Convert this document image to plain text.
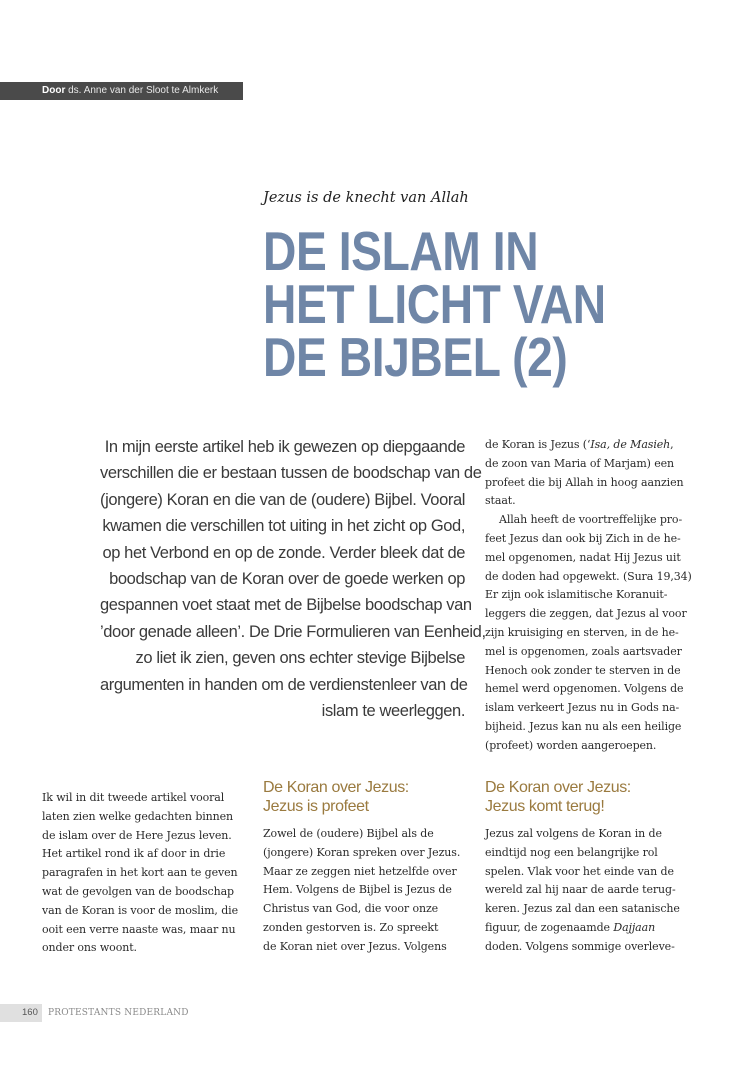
Door ds. Anne van der Sloot te Almkerk
Jezus is de knecht van Allah
DE ISLAM IN
HET LICHT VAN
DE BIJBEL (2)
In mijn eerste artikel heb ik gewezen op diepgaande
verschillen die er bestaan tussen de boodschap van de
(jongere) Koran en die van de (oudere) Bijbel. Vooral
kwamen die verschillen tot uiting in het zicht op God,
op het Verbond en op de zonde. Verder bleek dat de
boodschap van de Koran over de goede werken op
gespannen voet staat met de Bijbelse boodschap van
’door genade alleen’. De Drie Formulieren van Eenheid,
zo liet ik zien, geven ons echter stevige Bijbelse
argumenten in handen om de verdienstenleer van de
islam te weerleggen.
de Koran is Jezus (‘Isa, de Masieh,
de zoon van Maria of Marjam) een
profeet die bij Allah in hoog aanzien
staat.
Allah heeft de voortreffelijke pro-
feet Jezus dan ook bij Zich in de he-
mel opgenomen, nadat Hij Jezus uit
de doden had opgewekt. (Sura 19,34)
Er zijn ook islamitische Koranuit-
leggers die zeggen, dat Jezus al voor
zijn kruisiging en sterven, in de he-
mel is opgenomen, zoals aartsvader
Henoch ook zonder te sterven in de
hemel werd opgenomen. Volgens de
islam verkeert Jezus nu in Gods na-
bijheid. Jezus kan nu als een heilige
(profeet) worden aangeroepen.
Ik wil in dit tweede artikel vooral
laten zien welke gedachten binnen
de islam over de Here Jezus leven.
Het artikel rond ik af door in drie
paragrafen in het kort aan te geven
wat de gevolgen van de boodschap
van de Koran is voor de moslim, die
ooit een verre naaste was, maar nu
onder ons woont.
De Koran over Jezus:
Jezus is profeet
Zowel de (oudere) Bijbel als de
(jongere) Koran spreken over Jezus.
Maar ze zeggen niet hetzelfde over
Hem. Volgens de Bijbel is Jezus de
Christus van God, die voor onze
zonden gestorven is. Zo spreekt
de Koran niet over Jezus. Volgens
De Koran over Jezus:
Jezus komt terug!
Jezus zal volgens de Koran in de
eindtijd nog een belangrijke rol
spelen. Vlak voor het einde van de
wereld zal hij naar de aarde terug-
keren. Jezus zal dan een satanische
figuur, de zogenaamde Dajjaan
doden. Volgens sommige overleve-
160 PROTESTANTS NEDERLAND
